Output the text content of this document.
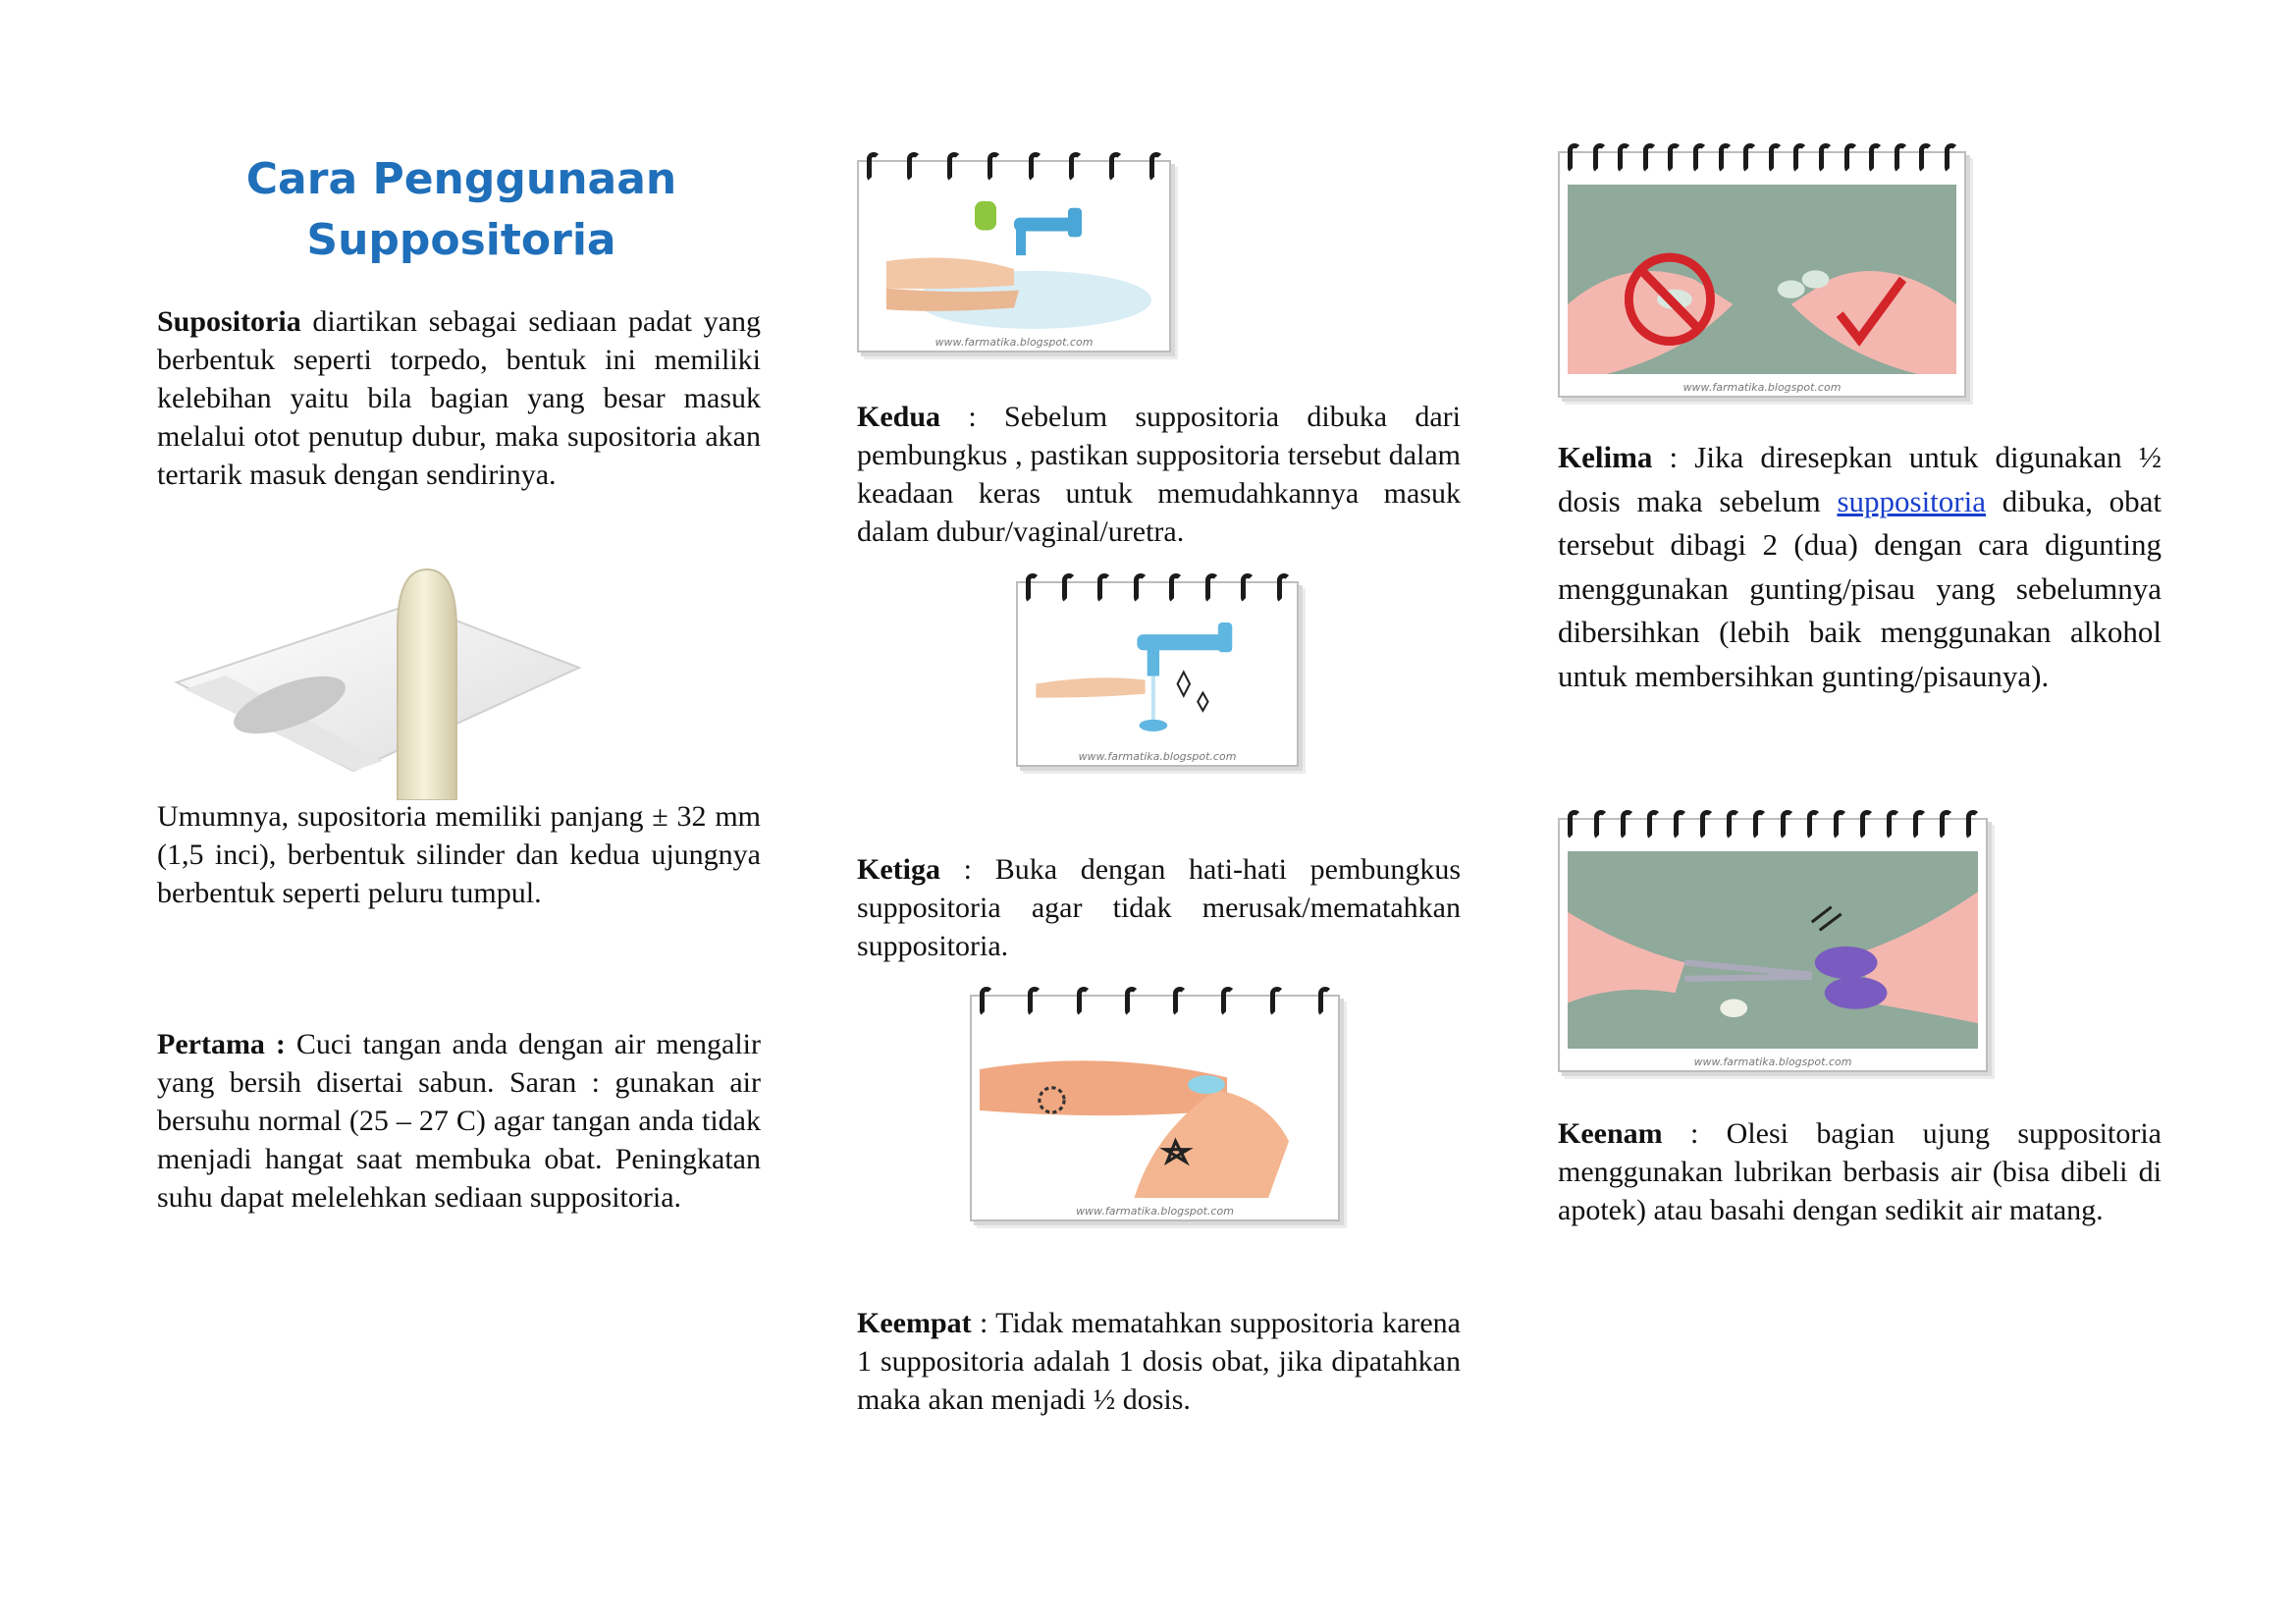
Cara Penggunaan Suppositoria
Supositoria diartikan sebagai sediaan padat yang berbentuk seperti torpedo, bentuk ini memiliki kelebihan yaitu bila bagian yang besar masuk melalui otot penutup dubur, maka supositoria akan tertarik masuk dengan sendirinya.
Umumnya, supositoria memiliki panjang ± 32 mm (1,5 inci), berbentuk silinder dan kedua ujungnya berbentuk seperti peluru tumpul.
Pertama : Cuci tangan anda dengan air mengalir yang bersih disertai sabun. Saran : gunakan air bersuhu normal (25 – 27 C) agar tangan anda tidak menjadi hangat saat membuka obat. Peningkatan suhu dapat melelehkan sediaan suppositoria.
www.farmatika.blogspot.com
Kedua : Sebelum suppositoria dibuka dari pembungkus , pastikan suppositoria tersebut dalam keadaan keras untuk memudahkannya masuk dalam dubur/vaginal/uretra.
www.farmatika.blogspot.com
Ketiga : Buka dengan hati-hati pembungkus suppositoria agar tidak merusak/mematahkan suppositoria.
www.farmatika.blogspot.com
Keempat : Tidak mematahkan suppositoria karena 1 suppositoria adalah 1 dosis obat, jika dipatahkan maka akan menjadi ½ dosis.
www.farmatika.blogspot.com
Kelima : Jika diresepkan untuk digunakan ½ dosis maka sebelum suppositoria dibuka, obat tersebut dibagi 2 (dua) dengan cara digunting menggunakan gunting/pisau yang sebelumnya dibersihkan (lebih baik menggunakan alkohol untuk membersihkan gunting/pisaunya).
www.farmatika.blogspot.com
Keenam : Olesi bagian ujung suppositoria menggunakan lubrikan berbasis air (bisa dibeli di apotek) atau basahi dengan sedikit air matang.
